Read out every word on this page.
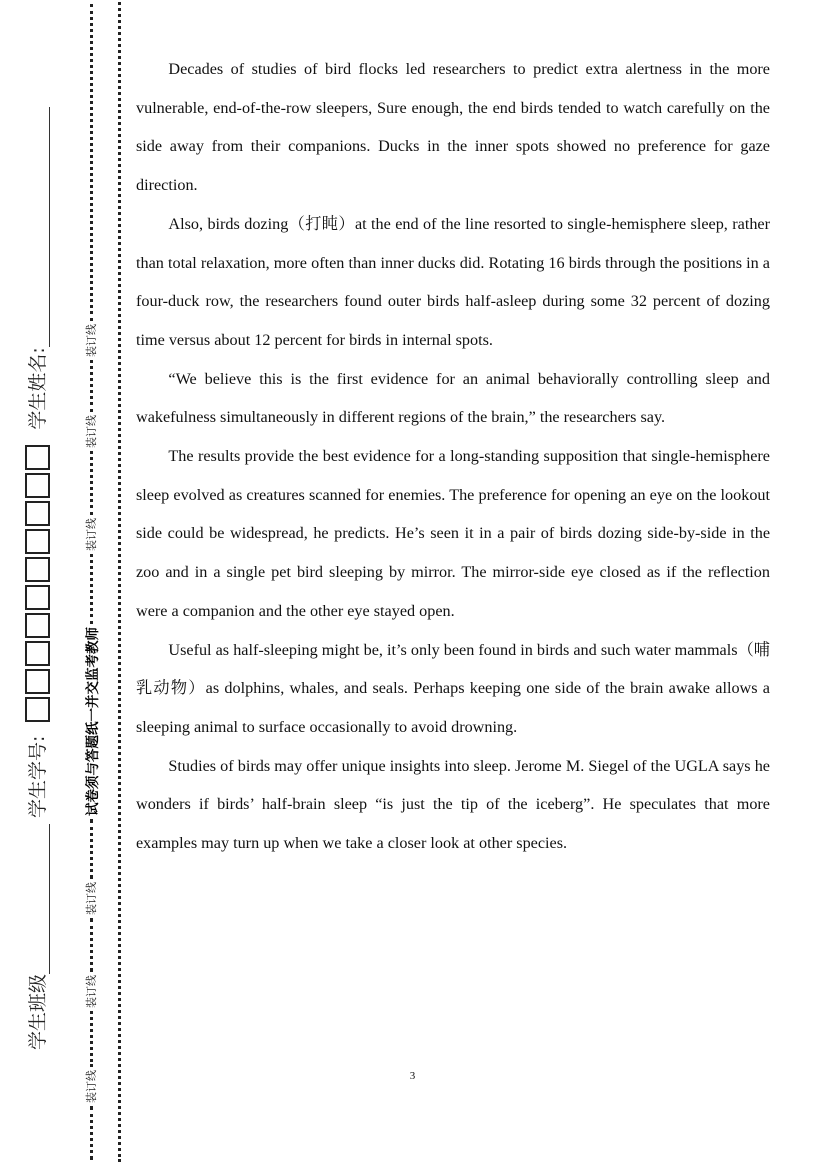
学生班级
学生学号:
学生姓名:
装订线
装订线
装订线
试卷须与答题纸一并交监考教师
装订线
装订线
装订线

Decades of studies of bird flocks led researchers to predict extra alertness in the more vulnerable, end-of-the-row sleepers, Sure enough, the end birds tended to watch carefully on the side away from their companions. Ducks in the inner spots showed no preference for gaze direction.

Also, birds dozing（打盹）at the end of the line resorted to single-hemisphere sleep, rather than total relaxation, more often than inner ducks did. Rotating 16 birds through the positions in a four-duck row, the researchers found outer birds half-asleep during some 32 percent of dozing time versus about 12 percent for birds in internal spots.

“We believe this is the first evidence for an animal behaviorally controlling sleep and wakefulness simultaneously in different regions of the brain,” the researchers say.

The results provide the best evidence for a long-standing supposition that single-hemisphere sleep evolved as creatures scanned for enemies. The preference for opening an eye on the lookout side could be widespread, he predicts. He’s seen it in a pair of birds dozing side-by-side in the zoo and in a single pet bird sleeping by mirror. The mirror-side eye closed as if the reflection were a companion and the other eye stayed open.

Useful as half-sleeping might be, it’s only been found in birds and such water mammals（哺乳动物）as dolphins, whales, and seals. Perhaps keeping one side of the brain awake allows a sleeping animal to surface occasionally to avoid drowning.

Studies of birds may offer unique insights into sleep. Jerome M. Siegel of the UGLA says he wonders if birds’ half-brain sleep “is just the tip of the iceberg”. He speculates that more examples may turn up when we take a closer look at other species.

3
